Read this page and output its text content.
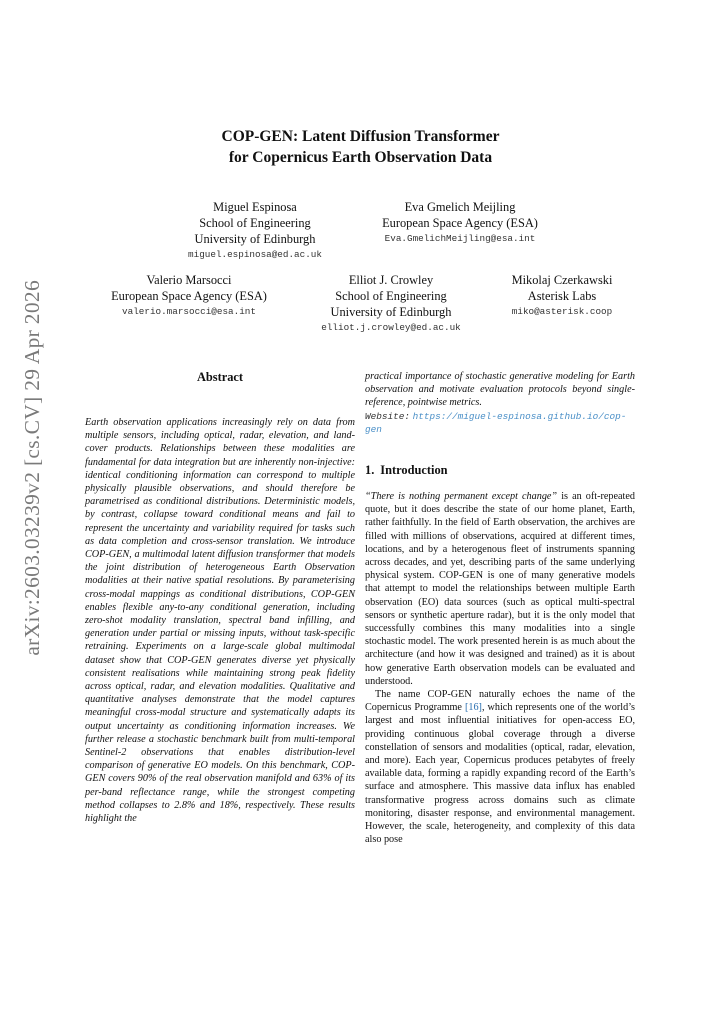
arXiv:2603.03239v2 [cs.CV] 29 Apr 2026
COP-GEN: Latent Diffusion Transformer
for Copernicus Earth Observation Data
Miguel Espinosa
School of Engineering
University of Edinburgh
miguel.espinosa@ed.ac.uk
Eva Gmelich Meijling
European Space Agency (ESA)
Eva.GmelichMeijling@esa.int
Valerio Marsocci
European Space Agency (ESA)
valerio.marsocci@esa.int
Elliot J. Crowley
School of Engineering
University of Edinburgh
elliot.j.crowley@ed.ac.uk
Mikolaj Czerkawski
Asterisk Labs
miko@asterisk.coop
Abstract

Earth observation applications increasingly rely on data from multiple sensors, including optical, radar, elevation, and land-cover products. Relationships between these modalities are fundamental for data integration but are inherently non-injective: identical conditioning information can correspond to multiple physically plausible observations, and should therefore be parametrised as conditional distributions. Deterministic models, by contrast, collapse toward conditional means and fail to represent the uncertainty and variability required for tasks such as data completion and cross-sensor translation. We introduce COP-GEN, a multimodal latent diffusion transformer that models the joint distribution of heterogeneous Earth Observation modalities at their native spatial resolutions. By parameterising cross-modal mappings as conditional distributions, COP-GEN enables flexible any-to-any conditional generation, including zero-shot modality translation, spectral band infilling, and generation under partial or missing inputs, without task-specific retraining. Experiments on a large-scale global multimodal dataset show that COP-GEN generates diverse yet physically consistent realisations while maintaining strong peak fidelity across optical, radar, and elevation modalities. Qualitative and quantitative analyses demonstrate that the model captures meaningful cross-modal structure and systematically adapts its output uncertainty as conditioning information increases. We further release a stochastic benchmark built from multi-temporal Sentinel-2 observations that enables distribution-level comparison of generative EO models. On this benchmark, COP-GEN covers 90% of the real observation manifold and 63% of its per-band reflectance range, while the strongest competing method collapses to 2.8% and 18%, respectively. These results highlight the

practical importance of stochastic generative modeling for Earth observation and motivate evaluation protocols beyond single-reference, pointwise metrics.

Website: https://miguel-espinosa.github.io/cop-gen

1. Introduction

“There is nothing permanent except change” is an oft-repeated quote, but it does describe the state of our home planet, Earth, rather faithfully. In the field of Earth observation, the archives are filled with millions of observations, acquired at different times, locations, and by a heterogenous fleet of instruments spanning across decades, and yet, describing parts of the same underlying physical system. COP-GEN is one of many generative models that attempt to model the relationships between multiple Earth observation (EO) data sources (such as optical multi-spectral sensors or synthetic aperture radar), but it is the only model that successfully combines this many modalities into a single stochastic model. The work presented herein is as much about the architecture (and how it was designed and trained) as it is about how generative Earth observation models can be evaluated and understood.

The name COP-GEN naturally echoes the name of the Copernicus Programme [16], which represents one of the world’s largest and most influential initiatives for open-access EO, providing continuous global coverage through a diverse constellation of sensors and modalities (optical, radar, elevation, and more). Each year, Copernicus produces petabytes of freely available data, forming a rapidly expanding record of the Earth’s surface and atmosphere. This massive data influx has enabled transformative progress across domains such as climate monitoring, disaster response, and environmental management. However, the scale, heterogeneity, and complexity of this data also pose
